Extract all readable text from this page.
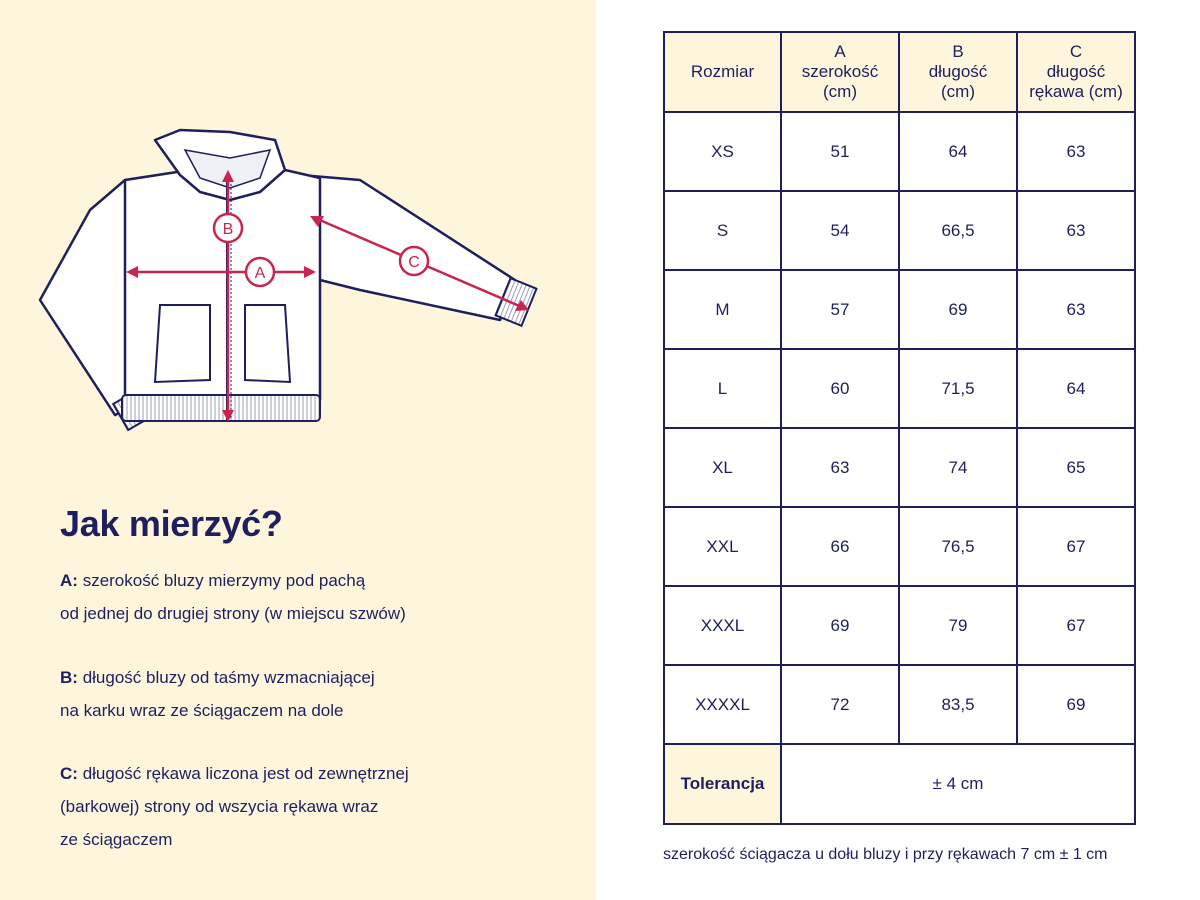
A
B
C
Jak mierzyć?

A: szerokość bluzy mierzymy pod pachą
od jednej do drugiej strony (w miejscu szwów)

B: długość bluzy od taśmy wzmacniającej
na karku wraz ze ściągaczem na dole

C: długość rękawa liczona jest od zewnętrznej
(barkowej) strony od wszycia rękawa wraz
ze ściągaczem

Rozmiar	A
szerokość
(cm)	B
długość
(cm)	C
długość
rękawa (cm)

XS	51	64	63
S	54	66,5	63
M	57	69	63
L	60	71,5	64
XL	63	74	65
XXL	66	76,5	67
XXXL	69	79	67
XXXXL	72	83,5	69
Tolerancja	± 4 cm		

szerokość ściągacza u dołu bluzy i przy rękawach 7 cm ± 1 cm
